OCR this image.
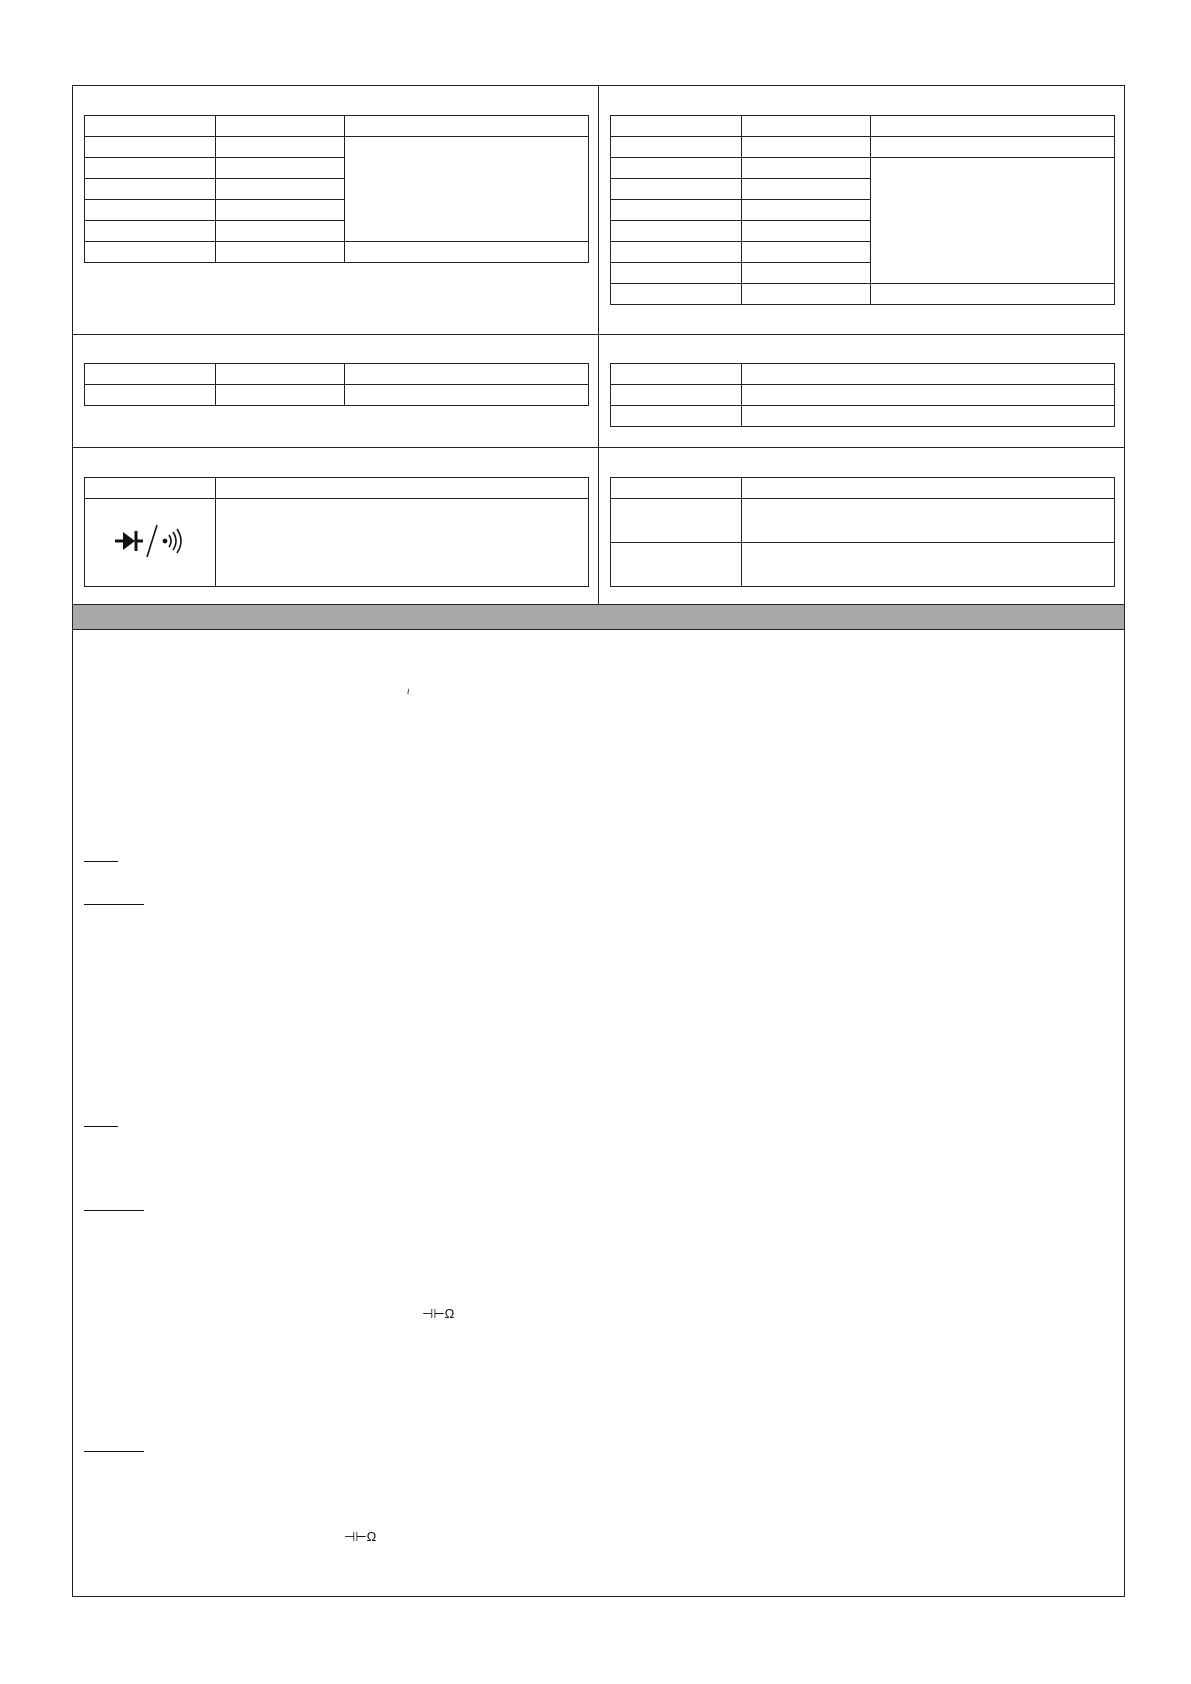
~
⊣⊢Ω
⊣⊢Ω
